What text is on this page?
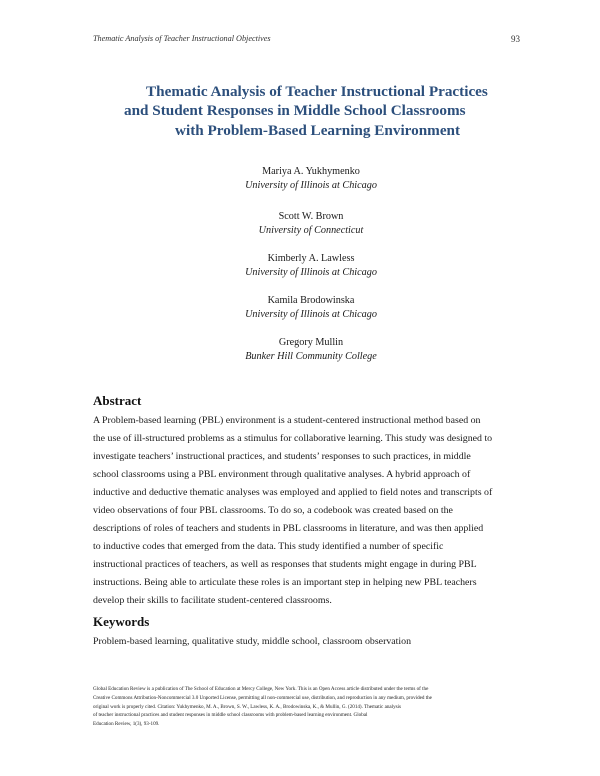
Thematic Analysis of Teacher Instructional Objectives	93
Thematic Analysis of Teacher Instructional Practices
and Student Responses in Middle School Classrooms
with Problem-Based Learning Environment
Mariya A. Yukhymenko
University of Illinois at Chicago
Scott W. Brown
University of Connecticut
Kimberly A. Lawless
University of Illinois at Chicago
Kamila Brodowinska
University of Illinois at Chicago
Gregory Mullin
Bunker Hill Community College
Abstract
A Problem-based learning (PBL) environment is a student-centered instructional method based on
the use of ill-structured problems as a stimulus for collaborative learning. This study was designed to
investigate teachers’ instructional practices, and students’ responses to such practices, in middle
school classrooms using a PBL environment through qualitative analyses. A hybrid approach of
inductive and deductive thematic analyses was employed and applied to field notes and transcripts of
video observations of four PBL classrooms. To do so, a codebook was created based on the
descriptions of roles of teachers and students in PBL classrooms in literature, and was then applied
to inductive codes that emerged from the data. This study identified a number of specific
instructional practices of teachers, as well as responses that students might engage in during PBL
instructions. Being able to articulate these roles is an important step in helping new PBL teachers
develop their skills to facilitate student-centered classrooms.
Keywords
Problem-based learning, qualitative study, middle school, classroom observation
Global Education Review is a publication of The School of Education at Mercy College, New York. This is an Open Access article distributed under the terms of the
Creative Commons Attribution-Noncommercial 3.0 Unported License, permitting all non-commercial use, distribution, and reproduction in any medium, provided the
original work is properly cited. Citation: Yukhymenko, M. A., Brown, S. W., Lawless, K. A., Brodowinska, K., & Mullin, G. (2014). Thematic analysis
of teacher instructional practices and student responses in middle school classrooms with problem-based learning environment. Global
Education Review, 1(3), 93-109.
